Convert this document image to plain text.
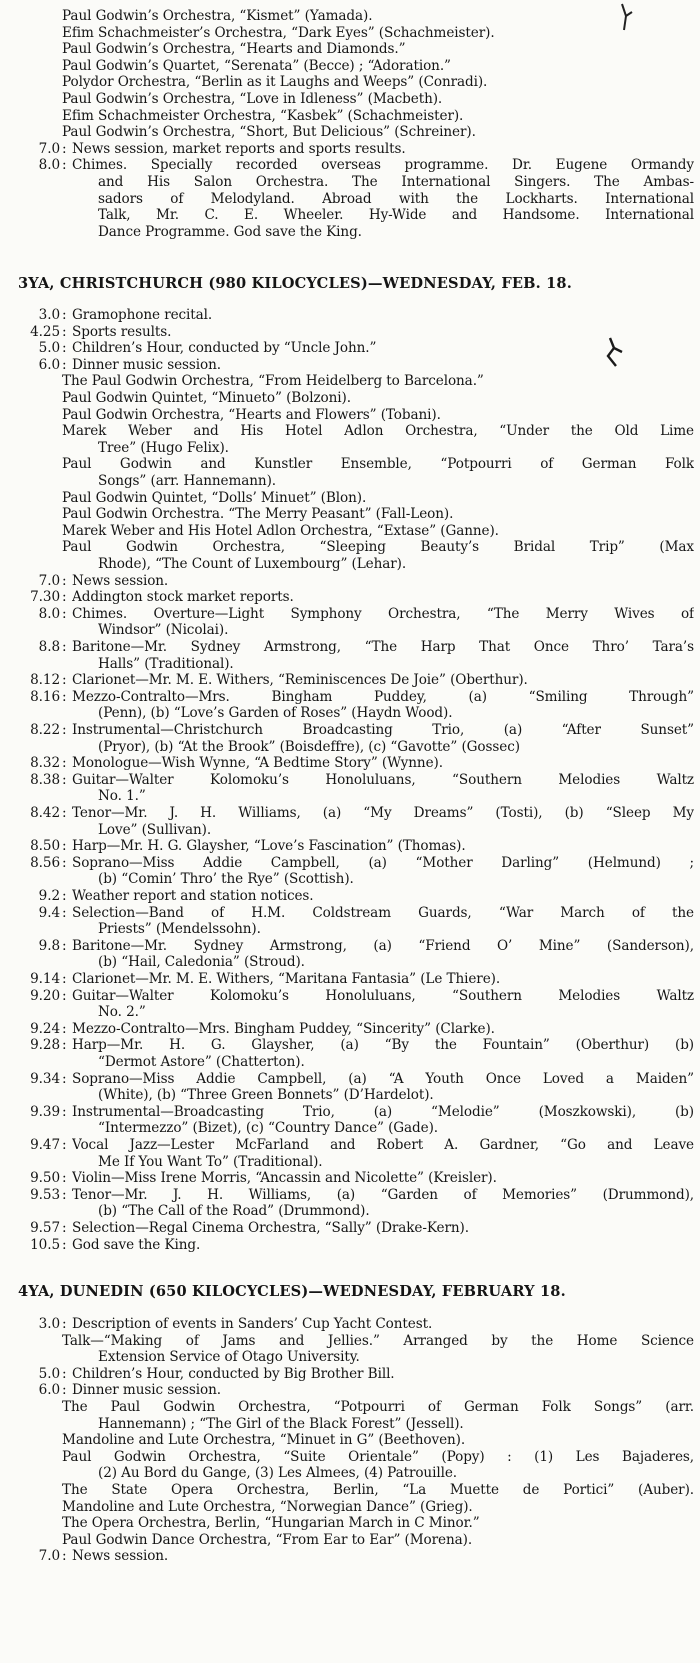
Paul Godwin’s Orchestra, “Kismet” (Yamada).
Efim Schachmeister’s Orchestra, “Dark Eyes” (Schachmeister).
Paul Godwin’s Orchestra, “Hearts and Diamonds.”
Paul Godwin’s Quartet, “Serenata” (Becce) ; “Adoration.”
Polydor Orchestra, “Berlin as it Laughs and Weeps” (Conradi).
Paul Godwin’s Orchestra, “Love in Idleness” (Macbeth).
Efim Schachmeister Orchestra, “Kasbek” (Schachmeister).
Paul Godwin’s Orchestra, “Short, But Delicious” (Schreiner).
7.0 : News session, market reports and sports results.
8.0 : Chimes. Specially recorded overseas programme. Dr. Eugene Ormandy
and His Salon Orchestra. The International Singers. The Ambas-
sadors of Melodyland. Abroad with the Lockharts. International
Talk, Mr. C. E. Wheeler. Hy-Wide and Handsome. International
Dance Programme. God save the King.
3YA, CHRISTCHURCH (980 KILOCYCLES)—WEDNESDAY, FEB. 18.
3.0 : Gramophone recital.
4.25 : Sports results.
5.0 : Children’s Hour, conducted by “Uncle John.”
6.0 : Dinner music session.
The Paul Godwin Orchestra, “From Heidelberg to Barcelona.”
Paul Godwin Quintet, “Minueto” (Bolzoni).
Paul Godwin Orchestra, “Hearts and Flowers” (Tobani).
Marek Weber and His Hotel Adlon Orchestra, “Under the Old Lime
Tree” (Hugo Felix).
Paul Godwin and Kunstler Ensemble, “Potpourri of German Folk
Songs” (arr. Hannemann).
Paul Godwin Quintet, “Dolls’ Minuet” (Blon).
Paul Godwin Orchestra. “The Merry Peasant” (Fall-Leon).
Marek Weber and His Hotel Adlon Orchestra, “Extase” (Ganne).
Paul Godwin Orchestra, “Sleeping Beauty’s Bridal Trip” (Max
Rhode), “The Count of Luxembourg” (Lehar).
7.0 : News session.
7.30 : Addington stock market reports.
8.0 : Chimes. Overture—Light Symphony Orchestra, “The Merry Wives of
Windsor” (Nicolai).
8.8 : Baritone—Mr. Sydney Armstrong, “The Harp That Once Thro’ Tara’s
Halls” (Traditional).
8.12 : Clarionet—Mr. M. E. Withers, “Reminiscences De Joie” (Oberthur).
8.16 : Mezzo-Contralto—Mrs. Bingham Puddey, (a) “Smiling Through”
(Penn), (b) “Love’s Garden of Roses” (Haydn Wood).
8.22 : Instrumental—Christchurch Broadcasting Trio, (a) “After Sunset”
(Pryor), (b) “At the Brook” (Boisdeffre), (c) “Gavotte” (Gossec)
8.32 : Monologue—Wish Wynne, “A Bedtime Story” (Wynne).
8.38 : Guitar—Walter Kolomoku’s Honoluluans, “Southern Melodies Waltz
No. 1.”
8.42 : Tenor—Mr. J. H. Williams, (a) “My Dreams” (Tosti), (b) “Sleep My
Love” (Sullivan).
8.50 : Harp—Mr. H. G. Glaysher, “Love’s Fascination” (Thomas).
8.56 : Soprano—Miss Addie Campbell, (a) “Mother Darling” (Helmund) ;
(b) “Comin’ Thro’ the Rye” (Scottish).
9.2 : Weather report and station notices.
9.4 : Selection—Band of H.M. Coldstream Guards, “War March of the
Priests” (Mendelssohn).
9.8 : Baritone—Mr. Sydney Armstrong, (a) “Friend O’ Mine” (Sanderson),
(b) “Hail, Caledonia” (Stroud).
9.14 : Clarionet—Mr. M. E. Withers, “Maritana Fantasia” (Le Thiere).
9.20 : Guitar—Walter Kolomoku’s Honoluluans, “Southern Melodies Waltz
No. 2.”
9.24 : Mezzo-Contralto—Mrs. Bingham Puddey, “Sincerity” (Clarke).
9.28 : Harp—Mr. H. G. Glaysher, (a) “By the Fountain” (Oberthur) (b)
“Dermot Astore” (Chatterton).
9.34 : Soprano—Miss Addie Campbell, (a) “A Youth Once Loved a Maiden”
(White), (b) “Three Green Bonnets” (D’Hardelot).
9.39 : Instrumental—Broadcasting Trio, (a) “Melodie” (Moszkowski), (b)
“Intermezzo” (Bizet), (c) “Country Dance” (Gade).
9.47 : Vocal Jazz—Lester McFarland and Robert A. Gardner, “Go and Leave
Me If You Want To” (Traditional).
9.50 : Violin—Miss Irene Morris, “Ancassin and Nicolette” (Kreisler).
9.53 : Tenor—Mr. J. H. Williams, (a) “Garden of Memories” (Drummond),
(b) “The Call of the Road” (Drummond).
9.57 : Selection—Regal Cinema Orchestra, “Sally” (Drake-Kern).
10.5 : God save the King.
4YA, DUNEDIN (650 KILOCYCLES)—WEDNESDAY, FEBRUARY 18.
3.0 : Description of events in Sanders’ Cup Yacht Contest.
Talk—“Making of Jams and Jellies.” Arranged by the Home Science
Extension Service of Otago University.
5.0 : Children’s Hour, conducted by Big Brother Bill.
6.0 : Dinner music session.
The Paul Godwin Orchestra, “Potpourri of German Folk Songs” (arr.
Hannemann) ; “The Girl of the Black Forest” (Jessell).
Mandoline and Lute Orchestra, “Minuet in G” (Beethoven).
Paul Godwin Orchestra, “Suite Orientale” (Popy) : (1) Les Bajaderes,
(2) Au Bord du Gange, (3) Les Almees, (4) Patrouille.
The State Opera Orchestra, Berlin, “La Muette de Portici” (Auber).
Mandoline and Lute Orchestra, “Norwegian Dance” (Grieg).
The Opera Orchestra, Berlin, “Hungarian March in C Minor.”
Paul Godwin Dance Orchestra, “From Ear to Ear” (Morena).
7.0 : News session.
